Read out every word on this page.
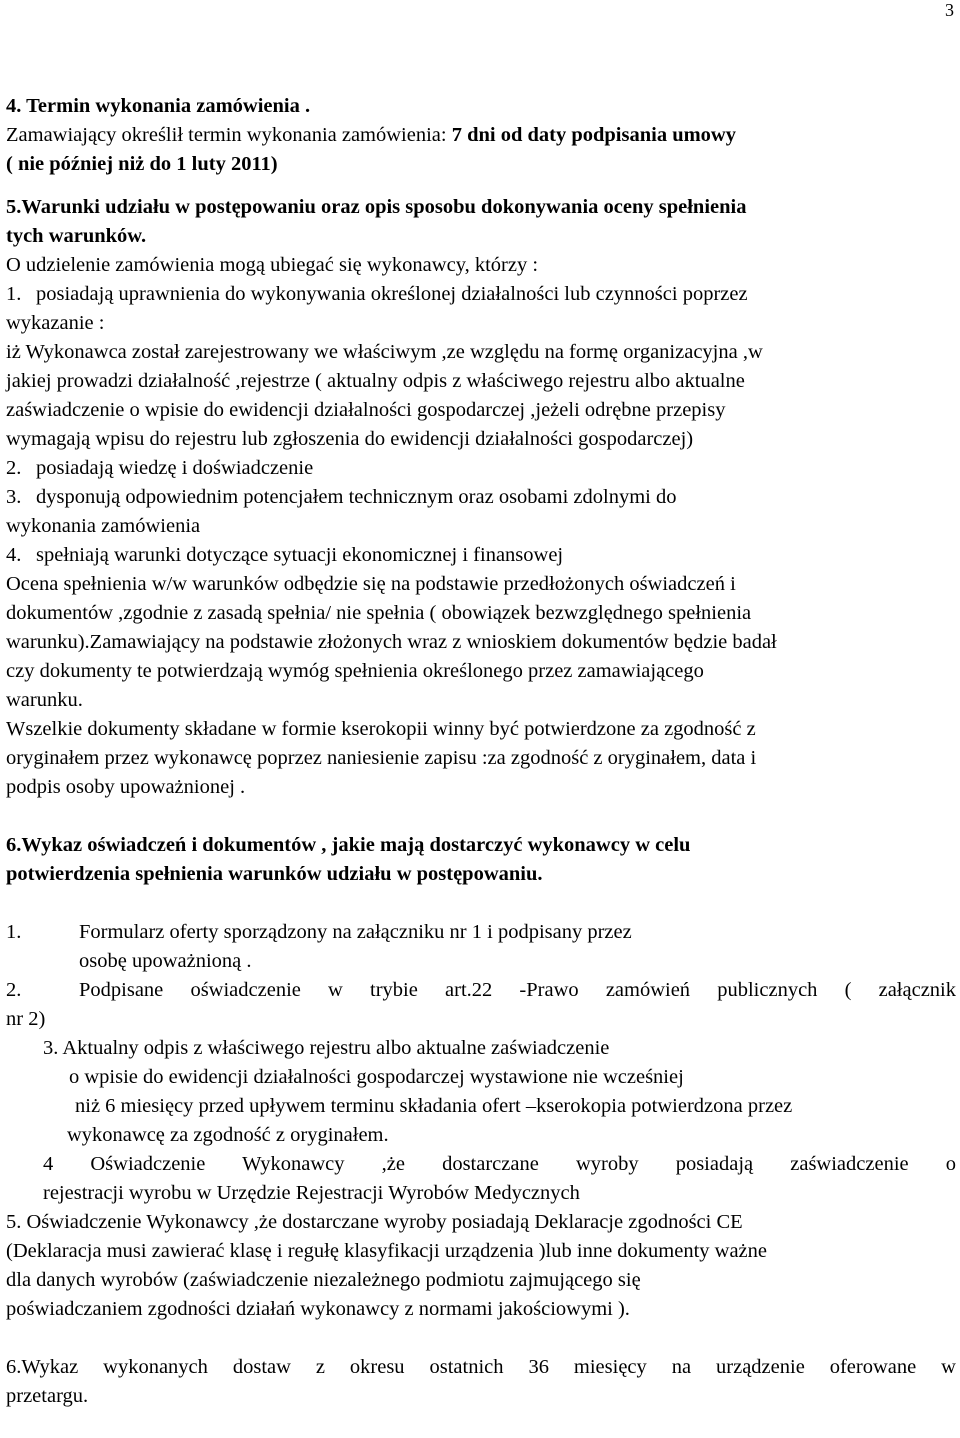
3

4. Termin wykonania zamówienia .

Zamawiający określił termin wykonania zamówienia: 7 dni od daty podpisania umowy

( nie później niż do 1 luty 2011)

5.Warunki udziału w postępowaniu oraz opis sposobu dokonywania oceny spełnienia

tych warunków.

O udzielenie zamówienia mogą ubiegać się wykonawcy, którzy :

1. posiadają uprawnienia do wykonywania określonej działalności lub czynności poprzez

wykazanie :

iż Wykonawca został zarejestrowany we właściwym ,ze względu na formę organizacyjna ,w

jakiej prowadzi działalność ,rejestrze ( aktualny odpis z właściwego rejestru albo aktualne

zaświadczenie o wpisie do ewidencji działalności gospodarczej ,jeżeli odrębne przepisy

wymagają wpisu do rejestru lub zgłoszenia do ewidencji działalności gospodarczej)

2. posiadają wiedzę i doświadczenie

3. dysponują odpowiednim potencjałem technicznym oraz osobami zdolnymi do

wykonania zamówienia

4. spełniają warunki dotyczące sytuacji ekonomicznej i finansowej

Ocena spełnienia w/w warunków odbędzie się na podstawie przedłożonych oświadczeń i

dokumentów ,zgodnie z zasadą spełnia/ nie spełnia ( obowiązek bezwzględnego spełnienia

warunku).Zamawiający na podstawie złożonych wraz z wnioskiem dokumentów będzie badał

czy dokumenty te potwierdzają wymóg spełnienia określonego przez zamawiającego

warunku.

Wszelkie dokumenty składane w formie kserokopii winny być potwierdzone za zgodność z

oryginałem przez wykonawcę poprzez naniesienie zapisu :za zgodność z oryginałem, data i

podpis osoby upoważnionej .

6.Wykaz oświadczeń i dokumentów , jakie mają dostarczyć wykonawcy w celu

potwierdzenia spełnienia warunków udziału w postępowaniu.

1.	Formularz oferty sporządzony na załączniku nr 1 i podpisany przez

osobę upoważnioną .

2.	Podpisane oświadczenie w trybie art.22 -Prawo zamówień publicznych ( załącznik

nr 2)

3. Aktualny odpis z właściwego rejestru albo aktualne zaświadczenie

o wpisie do ewidencji działalności gospodarczej wystawione nie wcześniej

niż 6 miesięcy przed upływem terminu składania ofert –kserokopia potwierdzona przez

wykonawcę za zgodność z oryginałem.

4 Oświadczenie Wykonawcy ,że dostarczane wyroby posiadają zaświadczenie o

rejestracji wyrobu w Urzędzie Rejestracji Wyrobów Medycznych

5. Oświadczenie Wykonawcy ,że dostarczane wyroby posiadają Deklaracje zgodności CE

(Deklaracja musi zawierać klasę i regułę klasyfikacji urządzenia )lub inne dokumenty ważne

dla danych wyrobów (zaświadczenie niezależnego podmiotu zajmującego się

poświadczaniem zgodności działań wykonawcy z normami jakościowymi ).

6.Wykaz wykonanych dostaw z okresu ostatnich 36 miesięcy na urządzenie oferowane w

przetargu.
